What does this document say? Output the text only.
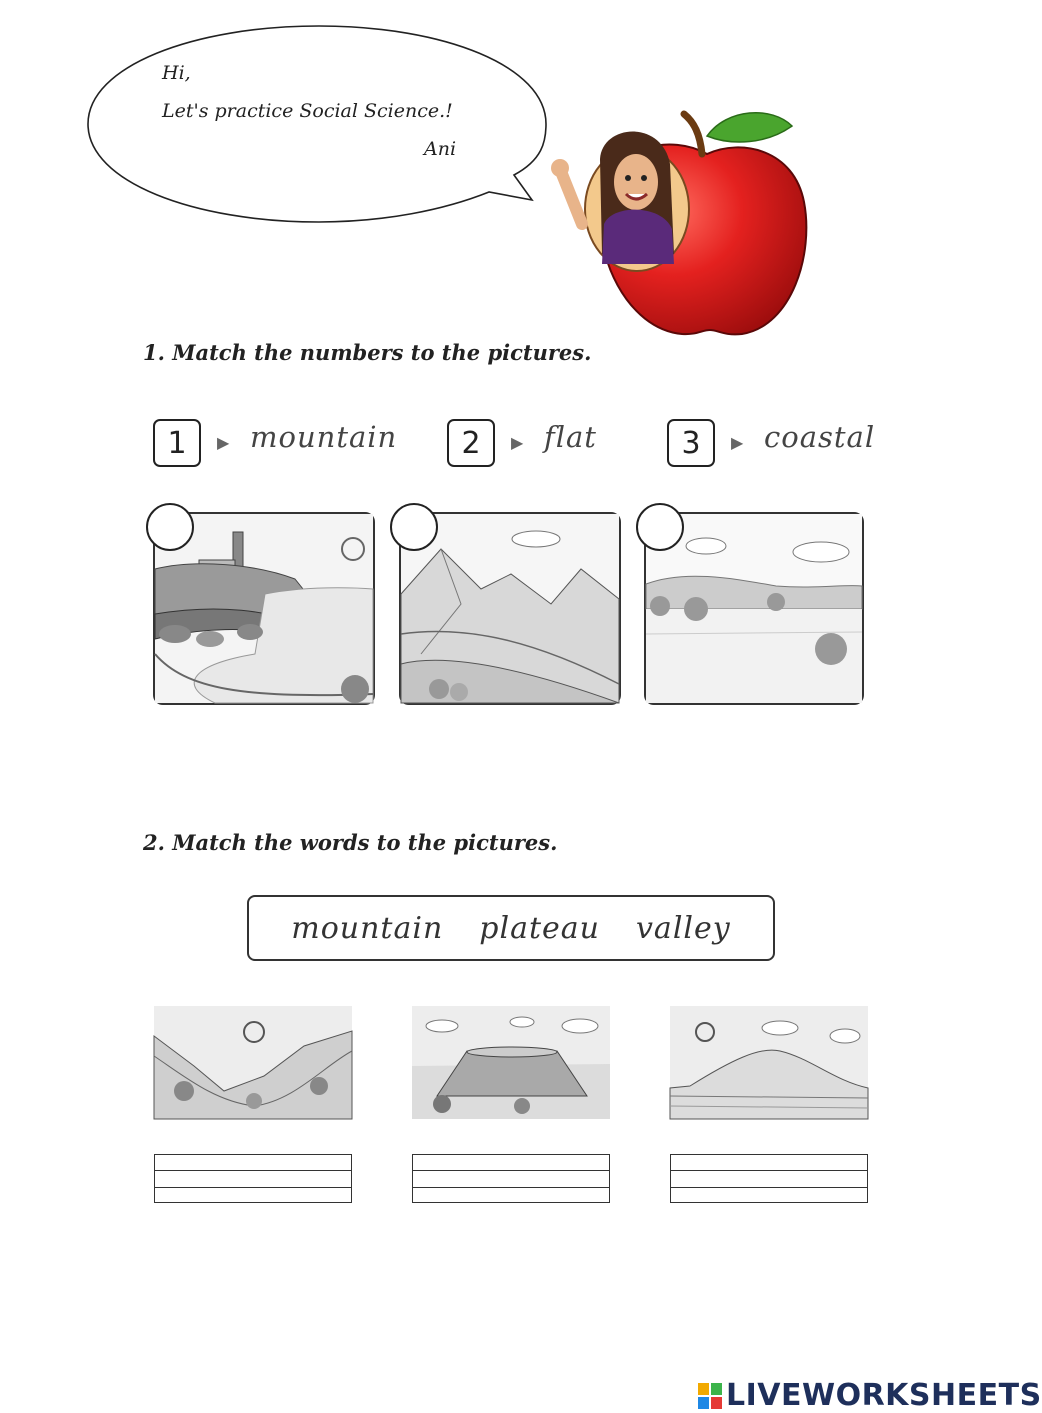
Hi,
Let's practice Social Science.!
Ani
1. Match the numbers to the pictures.
1	▶ mountain	2	▶ flat	3	▶ coastal
2. Match the words to the pictures.
mountain plateau valley
LIVEWORKSHEETS
